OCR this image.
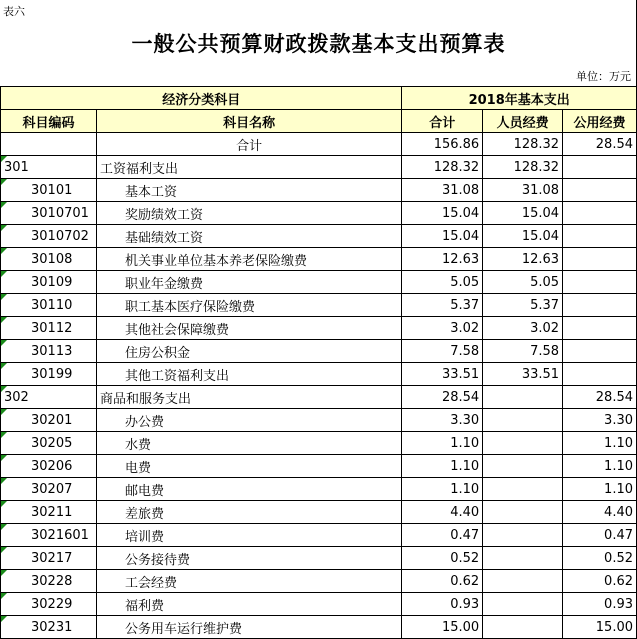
表六
一般公共预算财政拨款基本支出预算表
单位：万元
经济分类科目		2018年基本支出		
科目编码	科目名称	合计	人员经费	公用经费
	合计	156.86	128.32	28.54
301	工资福利支出	128.32	128.32	
30101	基本工资	31.08	31.08	
3010701	奖励绩效工资	15.04	15.04	
3010702	基础绩效工资	15.04	15.04	
30108	机关事业单位基本养老保险缴费	12.63	12.63	
30109	职业年金缴费	5.05	5.05	
30110	职工基本医疗保险缴费	5.37	5.37	
30112	其他社会保障缴费	3.02	3.02	
30113	住房公积金	7.58	7.58	
30199	其他工资福利支出	33.51	33.51	
302	商品和服务支出	28.54		28.54
30201	办公费	3.30		3.30
30205	水费	1.10		1.10
30206	电费	1.10		1.10
30207	邮电费	1.10		1.10
30211	差旅费	4.40		4.40
3021601	培训费	0.47		0.47
30217	公务接待费	0.52		0.52
30228	工会经费	0.62		0.62
30229	福利费	0.93		0.93
30231	公务用车运行维护费	15.00		15.00
